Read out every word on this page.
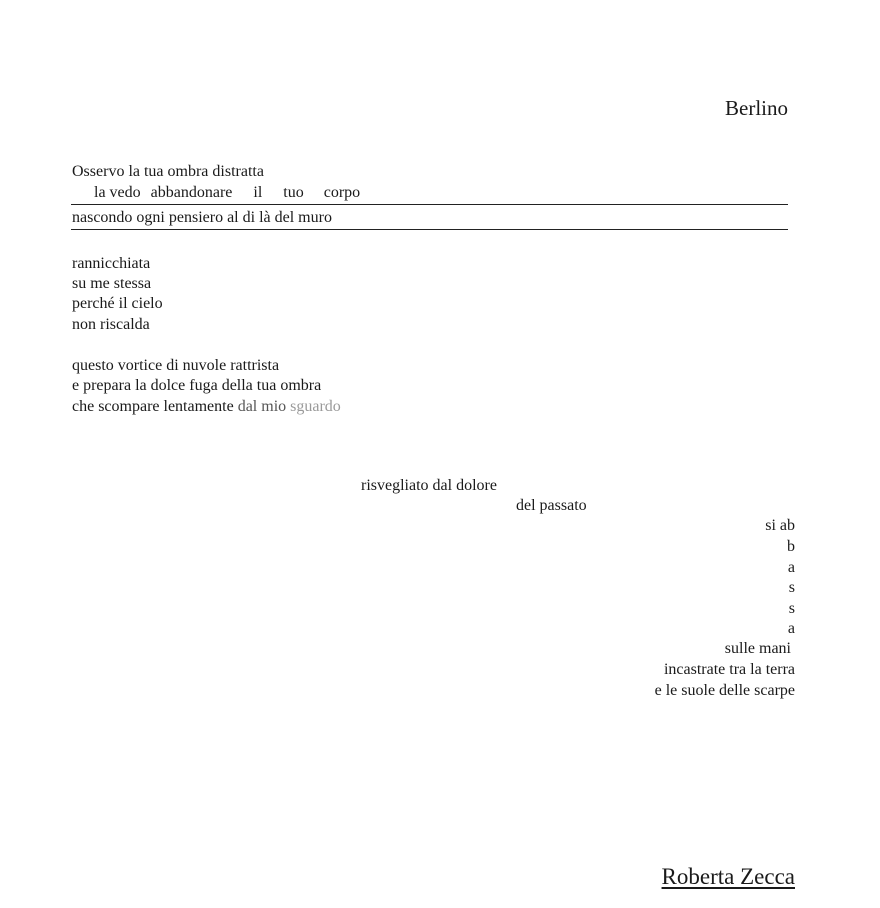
Berlino
Osservo la tua ombra distratta
la vedo abbandonare il tuo corpo
nascondo ogni pensiero al di là del muro
rannicchiata
su me stessa
perché il cielo
non riscalda
questo vortice di nuvole rattrista
e prepara la dolce fuga della tua ombra
che scompare lentamente dal mio sguardo
risvegliato dal dolore
del passato
si ab
b
a
s
s
a
sulle mani
incastrate tra la terra
e le suole delle scarpe
Roberta Zecca
